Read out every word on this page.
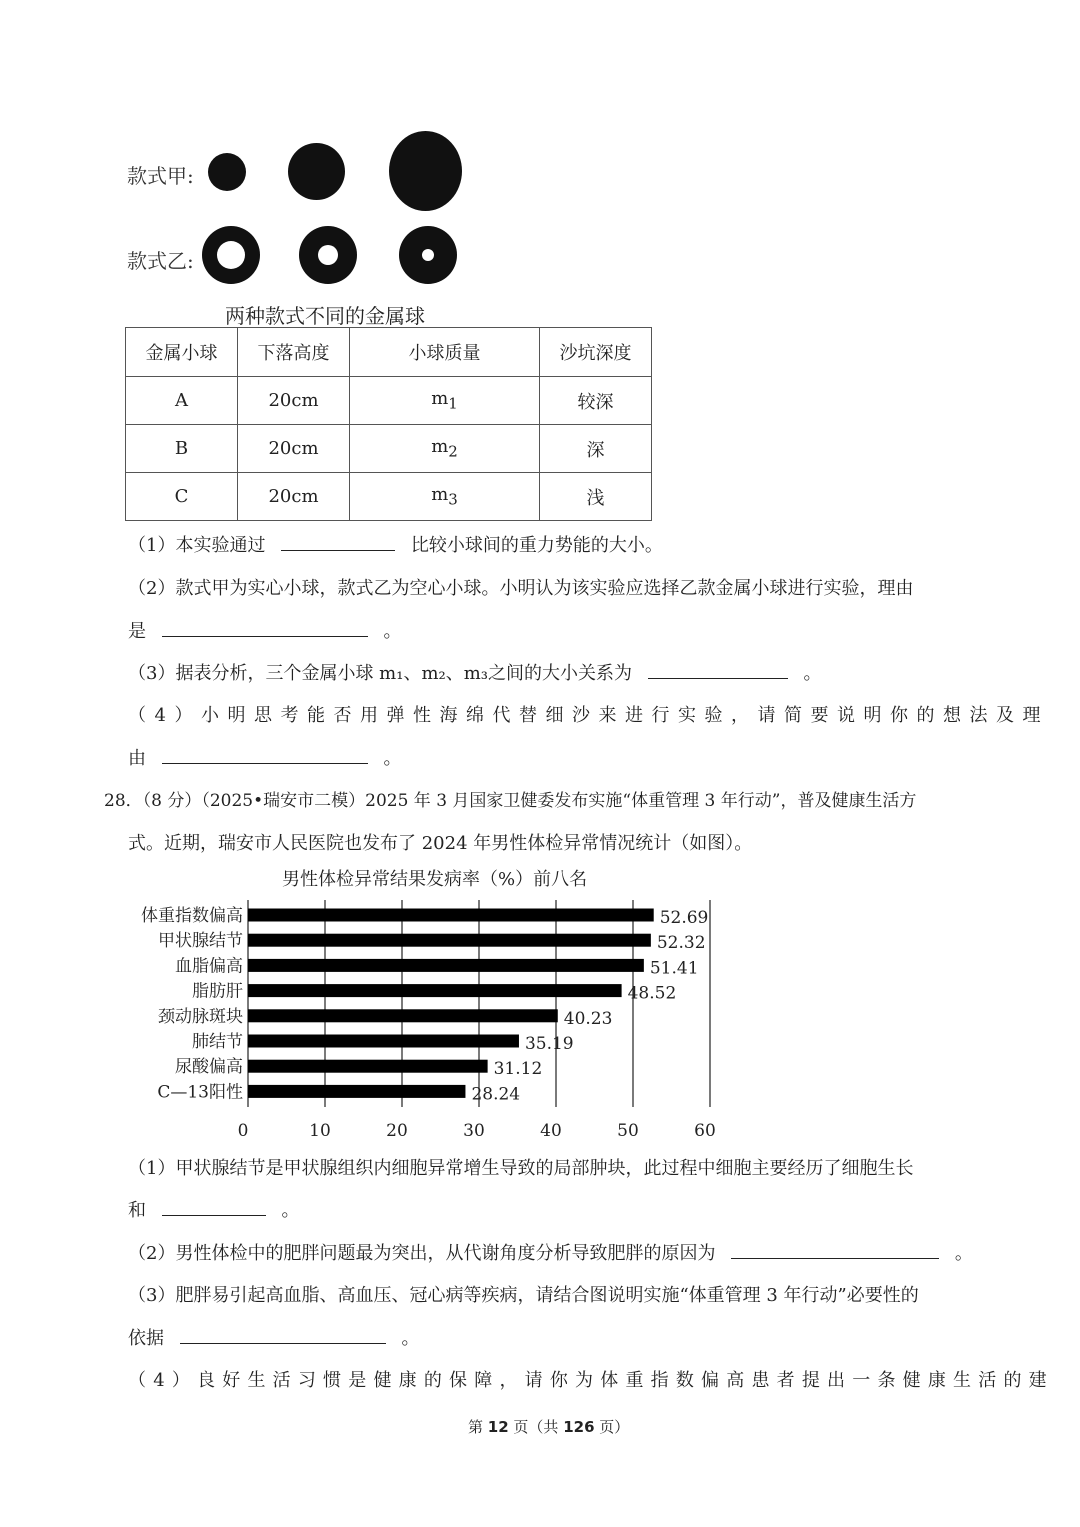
款式甲:
款式乙:
两种款式不同的金属球
金属小球	下落高度	小球质量	沙坑深度
A	20cm	$m_1$	较深
B	20cm	$m_2$	深
C	20cm	$m_3$	浅
（1）本实验通过	比较小球间的重力势能的大小。
（2）款式甲为实心小球，款式乙为空心小球。小明认为该实验应选择乙款金属小球进行实验，理由
是	。
（3）据表分析，三个金属小球 m₁、m₂、m₃之间的大小关系为	。
（4）小明思考能否用弹性海绵代替细沙来进行实验，请简要说明你的想法及理
由	。
28．（8 分）（2025•瑞安市二模）2025 年 3 月国家卫健委发布实施“体重管理 3 年行动”，普及健康生活方
式。近期，瑞安市人民医院也发布了 2024 年男性体检异常情况统计（如图）。
男性体检异常结果发病率（%）前八名
0	10	20	30	40	50	60
体重指数偏高	52.69
甲状腺结节	52.32
血脂偏高	51.41
脂肪肝	48.52
颈动脉斑块	40.23
肺结节	35.19
尿酸偏高	31.12
C—13阳性	28.24
（1）甲状腺结节是甲状腺组织内细胞异常增生导致的局部肿块，此过程中细胞主要经历了细胞生长
和	。
（2）男性体检中的肥胖问题最为突出，从代谢角度分析导致肥胖的原因为	。
（3）肥胖易引起高血脂、高血压、冠心病等疾病，请结合图说明实施“体重管理 3 年行动”必要性的
依据	。
（4）良好生活习惯是健康的保障，请你为体重指数偏高患者提出一条健康生活的建
第 12 页（共 126 页）
